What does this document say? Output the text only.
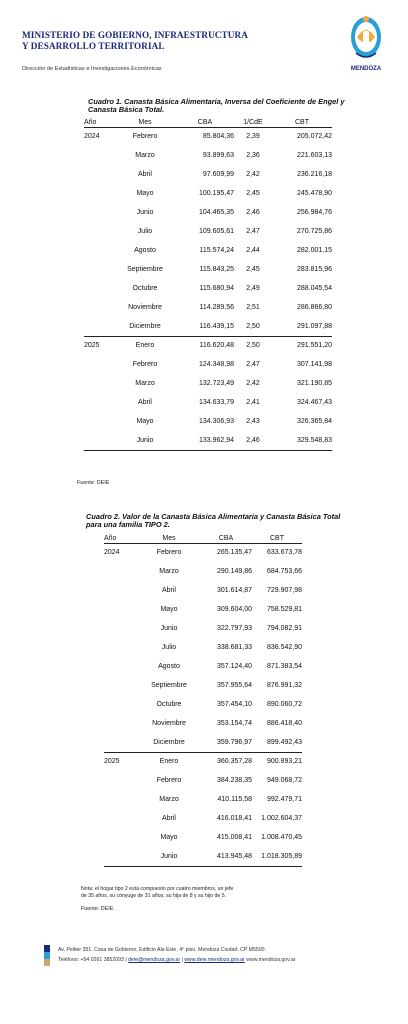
MINISTERIO DE GOBIERNO, INFRAESTRUCTURA
Y DESARROLLO TERRITORIAL
Dirección de Estadísticas e Investigaciones Económicas	MENDOZA
Cuadro 1. Canasta Básica Alimentaria, Inversa del Coeficiente de Engel y
Canasta Básica Total.
Año	Mes	CBA	1/CdE	CBT
2024	Febrero	85.804,36	2,39	205.072,42
	Marzo	93.899,63	2,36	221.603,13
	Abril	97.609,99	2,42	236.216,18
	Mayo	100.195,47	2,45	245.478,90
	Junio	104.465,35	2,46	256.984,76
	Julio	109.605,61	2,47	270.725,86
	Agosto	115.574,24	2,44	282.001,15
	Septiembre	115.843,25	2,45	283.815,96
	Octubre	115.680,94	2,49	288.045,54
	Noviembre	114.289,56	2,51	286.866,80
	Diciembre	116.439,15	2,50	291.097,88
2025	Enero	116.620,48	2,50	291.551,20
	Febrero	124.348,98	2,47	307.141,98
	Marzo	132.723,49	2,42	321.190,85
	Abril	134.633,79	2,41	324.467,43
	Mayo	134.306,93	2,43	326.365,84
	Junio	133.962,94	2,46	329.548,83
Fuente: DEIE
Cuadro 2. Valor de la Canasta Básica Alimentaria y Canasta Básica Total
para una familia TIPO 2.
Año	Mes	CBA	CBT
2024	Febrero	265.135,47	633.673,78
	Marzo	290.149,86	684.753,66
	Abril	301.614,87	729.907,98
	Mayo	309.604,00	758.529,81
	Junio	322.797,93	794.082,91
	Julio	338.681,33	836.542,90
	Agosto	357.124,40	871.383,54
	Septiembre	357.955,64	876.991,32
	Octubre	357.454,10	890.060,72
	Noviembre	353.154,74	886.418,40
	Diciembre	359.796,97	899.492,43
2025	Enero	360.357,28	900.893,21
	Febrero	384.238,35	949.068,72
	Marzo	410.115,58	992.479,71
	Abril	416.018,41	1.002.604,37
	Mayo	415.008,41	1.008.470,45
	Junio	413.945,48	1.018.305,89
Nota: el hogar tipo 2 está compuesto por cuatro miembros, un jefe
de 35 años, su cónyuge de 31 años, su hija de 8 y su hijo de 5.
Fuente: DEIE
Av. Peltier 351. Casa de Gobierno, Edificio Ala Este, 4° piso. Mendoza Ciudad. CP M5500.
Teléfono: +54 0261 3852093 | deie@mendoza.gov.ar | www.deie.mendoza.gov.ar www.mendoza.gov.ar
